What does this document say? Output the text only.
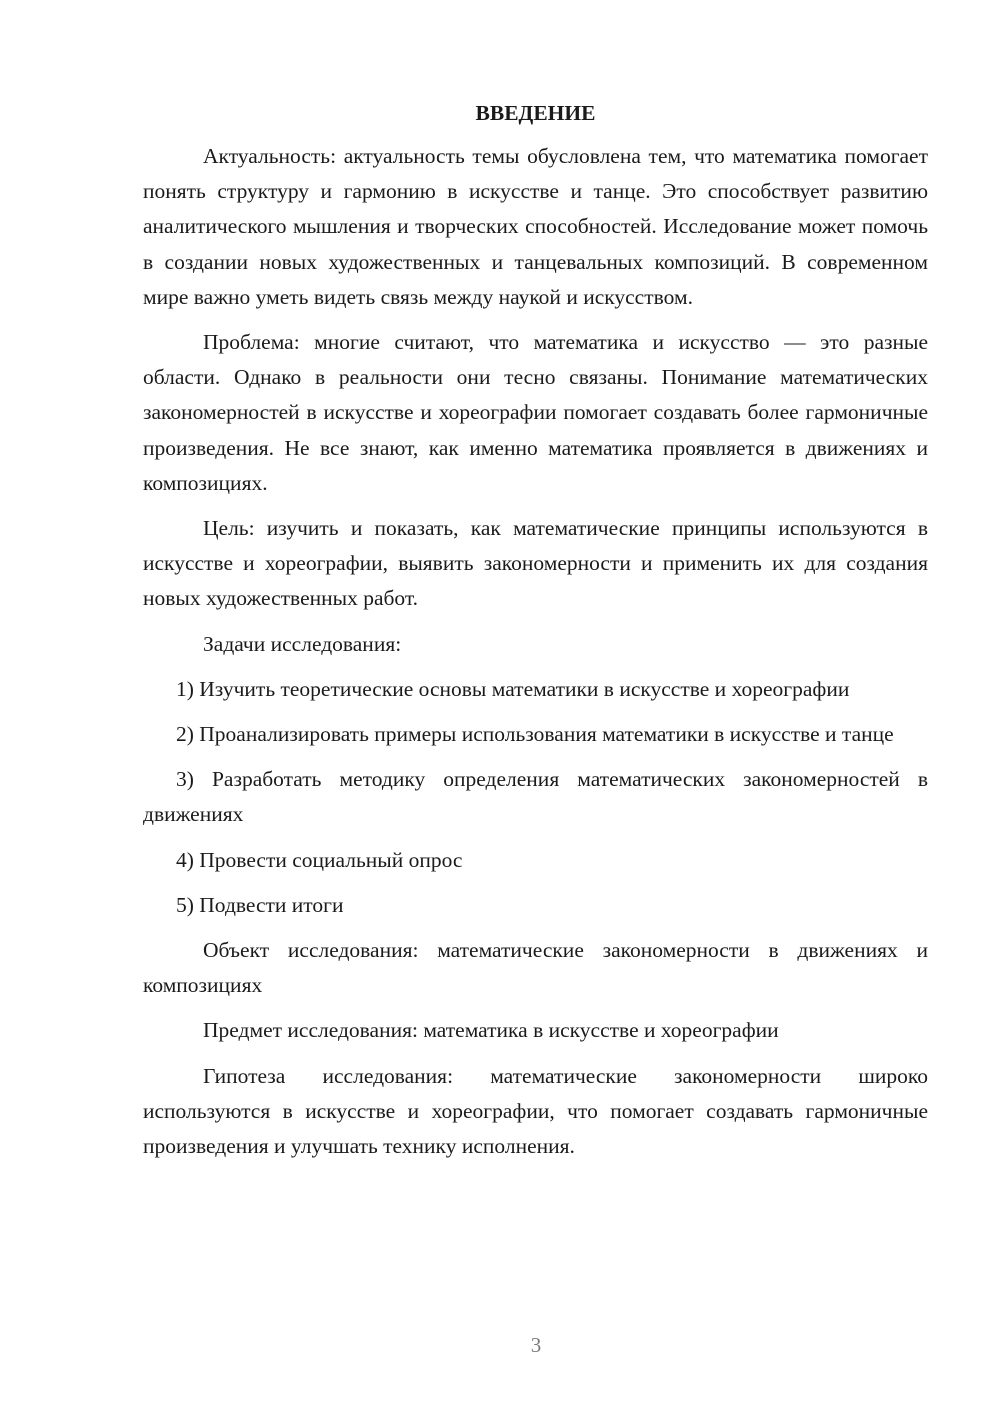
ВВЕДЕНИЕ

Актуальность: актуальность темы обусловлена тем, что математика помогает понять структуру и гармонию в искусстве и танце. Это способствует развитию аналитического мышления и творческих способностей. Исследование может помочь в создании новых художественных и танцевальных композиций. В современном мире важно уметь видеть связь между наукой и искусством.

Проблема: многие считают, что математика и искусство — это разные области. Однако в реальности они тесно связаны. Понимание математических закономерностей в искусстве и хореографии помогает создавать более гармоничные произведения. Не все знают, как именно математика проявляется в движениях и композициях.

Цель: изучить и показать, как математические принципы используются в искусстве и хореографии, выявить закономерности и применить их для создания новых художественных работ.

Задачи исследования:

1) Изучить теоретические основы математики в искусстве и хореографии

2) Проанализировать примеры использования математики в искусстве и танце

3) Разработать методику определения математических закономерностей в движениях

4) Провести социальный опрос

5) Подвести итоги

Объект исследования: математические закономерности в движениях и композициях

Предмет исследования: математика в искусстве и хореографии

Гипотеза исследования: математические закономерности широко используются в искусстве и хореографии, что помогает создавать гармоничные произведения и улучшать технику исполнения.

3
